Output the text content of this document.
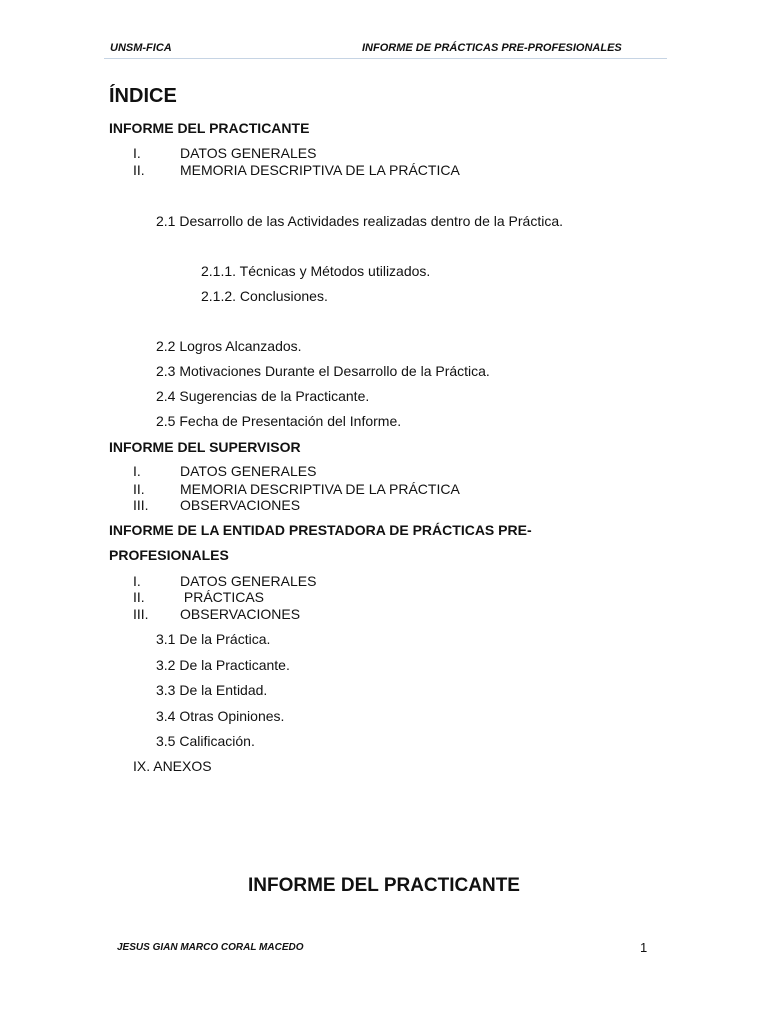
UNSM-FICA	INFORME DE PRÁCTICAS PRE-PROFESIONALES
ÍNDICE
INFORME DEL PRACTICANTE
I.	DATOS GENERALES
II.	MEMORIA DESCRIPTIVA DE LA PRÁCTICA
2.1 Desarrollo de las Actividades realizadas dentro de la Práctica.
2.1.1. Técnicas y Métodos utilizados.
2.1.2. Conclusiones.
2.2 Logros Alcanzados.
2.3 Motivaciones Durante el Desarrollo de la Práctica.
2.4 Sugerencias de la Practicante.
2.5 Fecha de Presentación del Informe.
INFORME DEL SUPERVISOR
I.	DATOS GENERALES
II.	MEMORIA DESCRIPTIVA DE LA PRÁCTICA
III. OBSERVACIONES
INFORME DE LA ENTIDAD PRESTADORA DE PRÁCTICAS PRE-
PROFESIONALES
I.	DATOS GENERALES
II.	PRÁCTICAS
III. OBSERVACIONES
3.1 De la Práctica.
3.2 De la Practicante.
3.3 De la Entidad.
3.4 Otras Opiniones.
3.5 Calificación.
IX. ANEXOS
INFORME DEL PRACTICANTE
JESUS GIAN MARCO CORAL MACEDO	1
